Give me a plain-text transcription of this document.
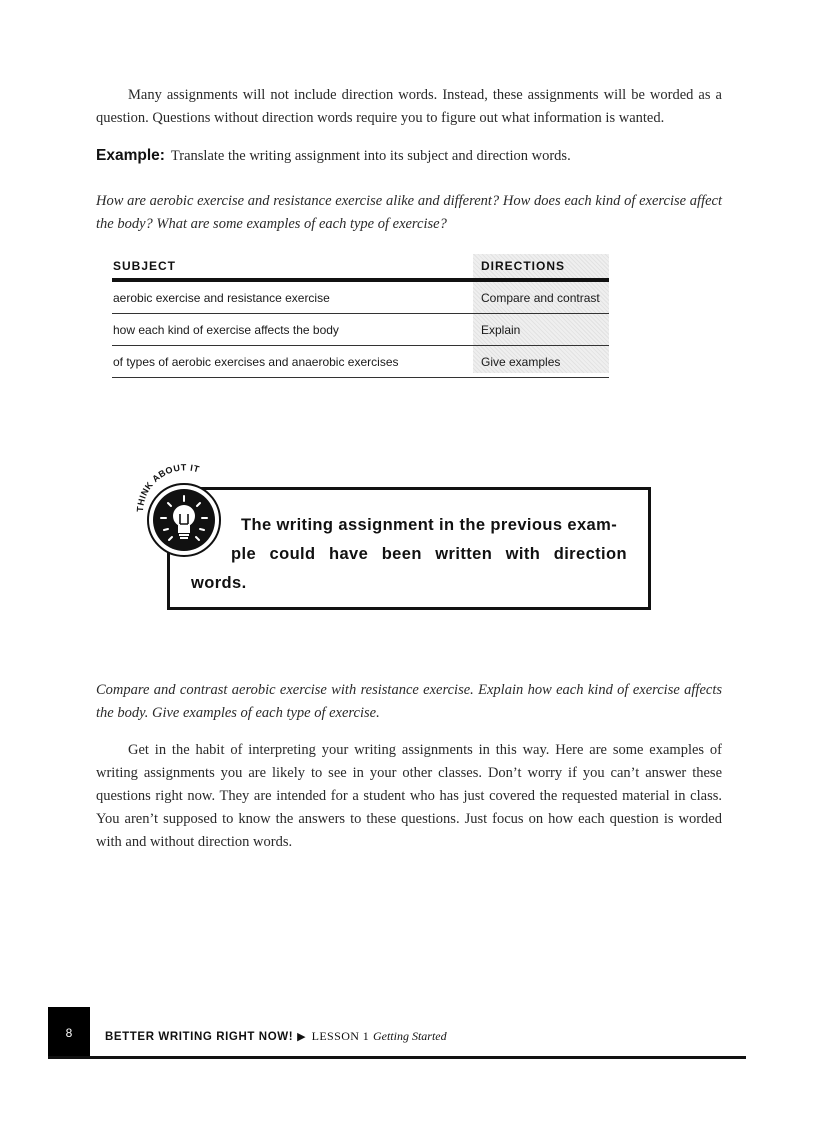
Many assignments will not include direction words. Instead, these assignments will be worded as a question. Questions without direction words require you to figure out what information is wanted.

Example: Translate the writing assignment into its subject and direction words.

How are aerobic exercise and resistance exercise alike and different? How does each kind of exercise affect the body? What are some examples of each type of exercise?

SUBJECT	DIRECTIONS
aerobic exercise and resistance exercise	Compare and contrast
how each kind of exercise affects the body	Explain
of types of aerobic exercises and anaerobic exercises	Give examples
The writing assignment in the previous exam-
ple could have been written with direction
words.
THINK ABOUT IT

Compare and contrast aerobic exercise with resistance exercise. Explain how each kind of exercise affects the body. Give examples of each type of exercise.

Get in the habit of interpreting your writing assignments in this way. Here are some examples of writing assignments you are likely to see in your other classes. Don’t worry if you can’t answer these questions right now. They are intended for a student who has just covered the requested material in class. You aren’t supposed to know the answers to these questions. Just focus on how each question is worded with and without direction words.

8	BETTER WRITING RIGHT NOW! ▶ LESSON 1 Getting Started
